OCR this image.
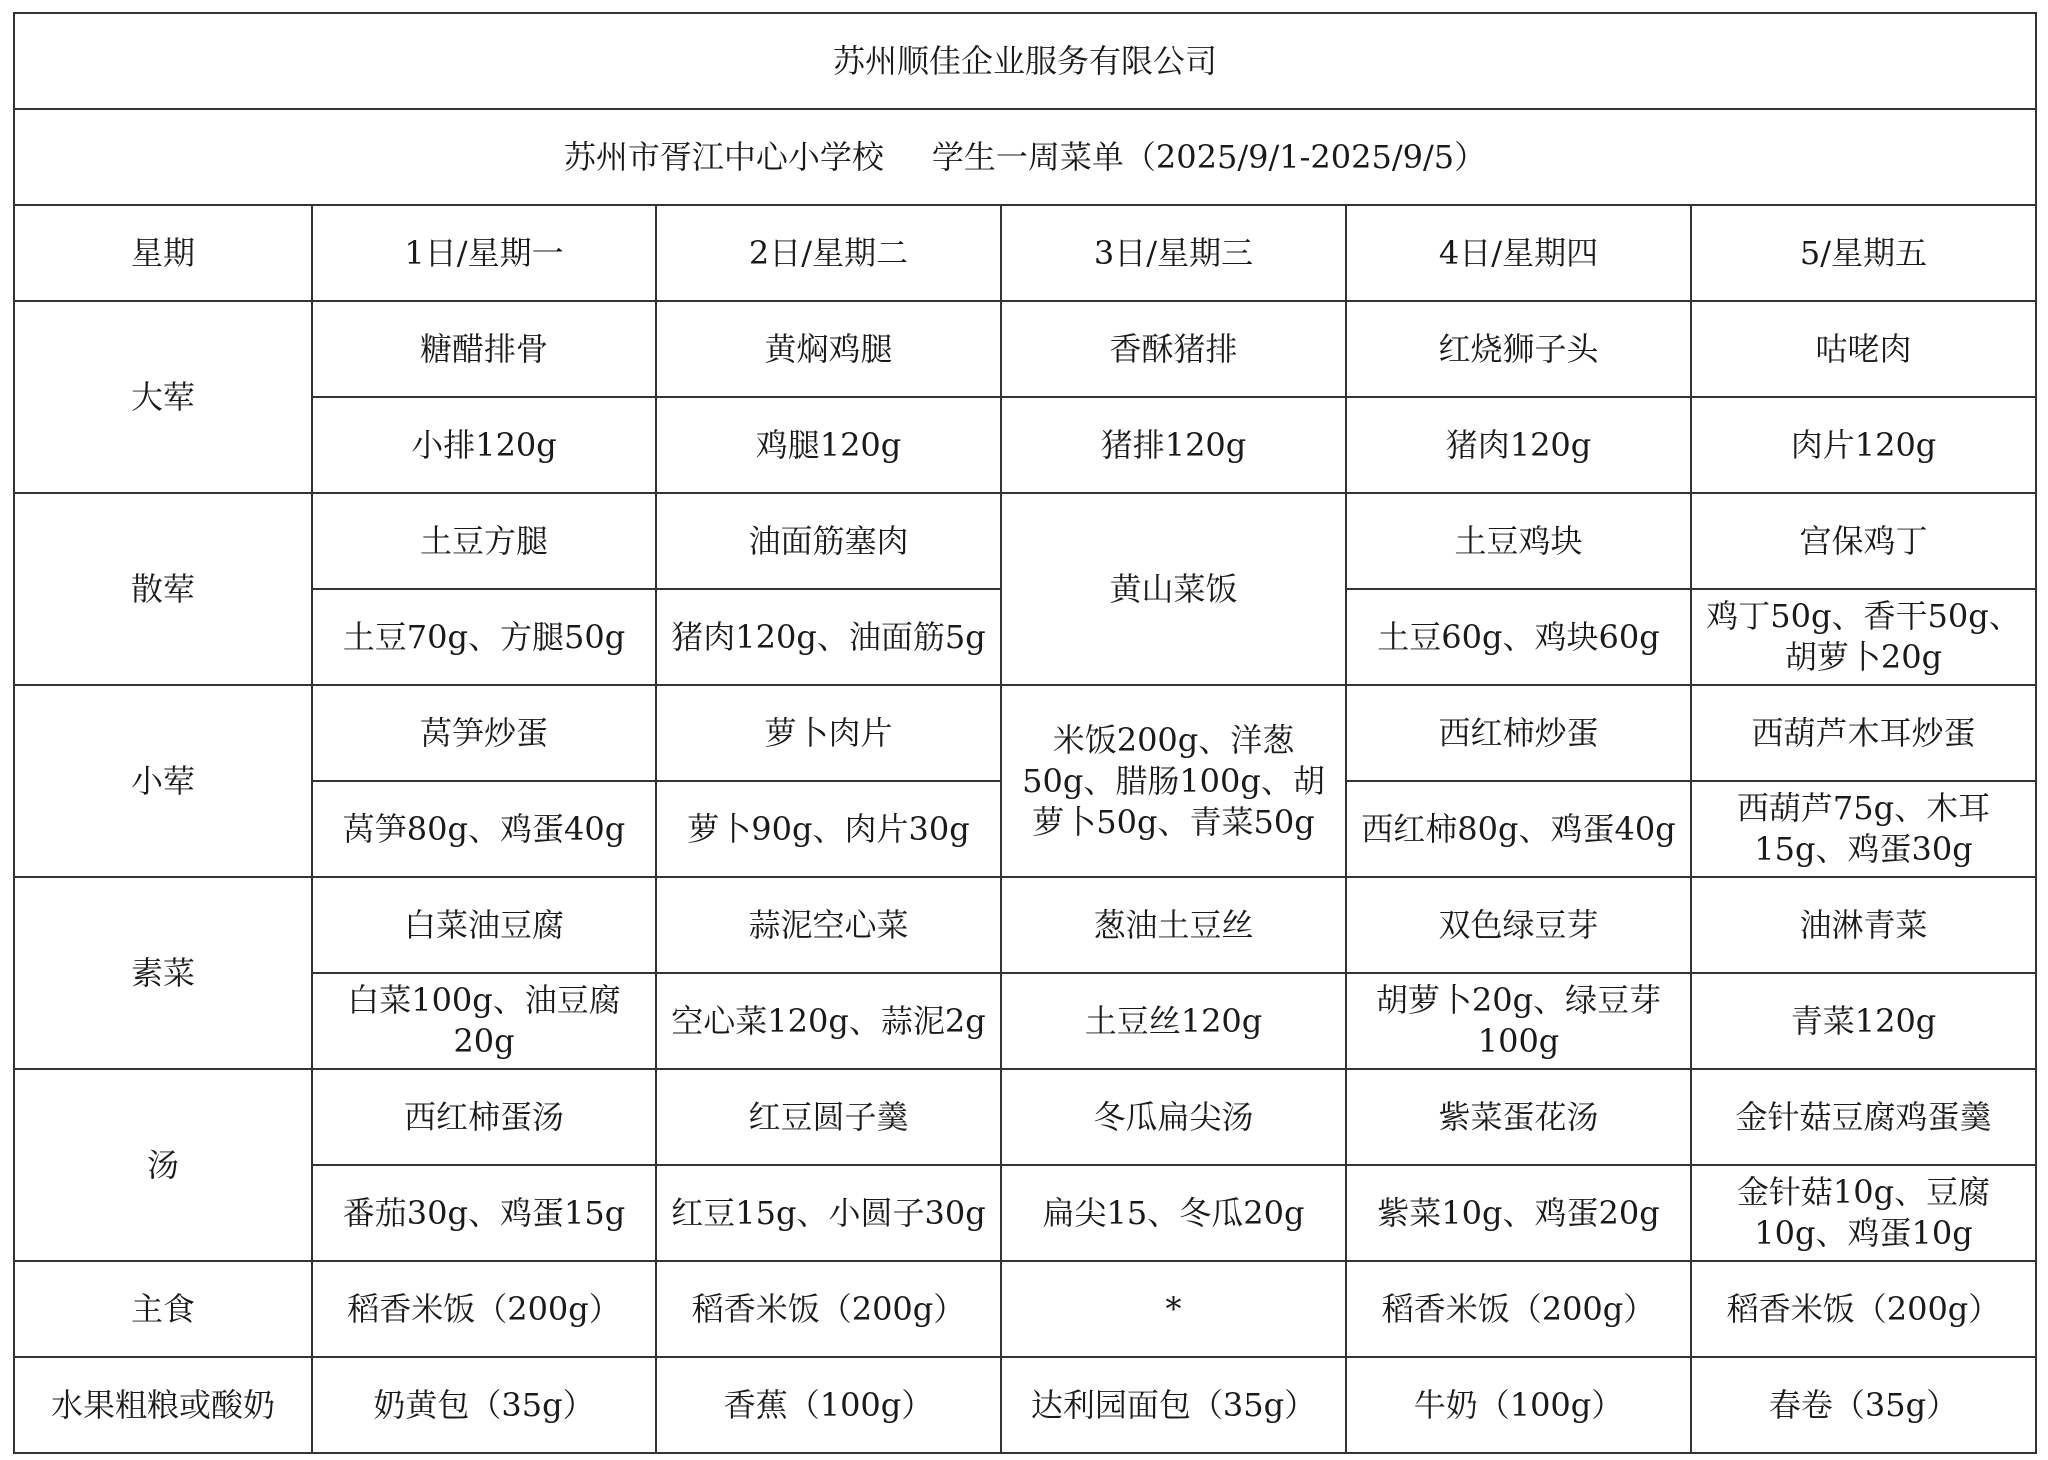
苏州顺佳企业服务有限公司					
苏州市胥江中心小学校 学生一周菜单（2025/9/1-2025/9/5）					
星期	1日/星期一	2日/星期二	3日/星期三	4日/星期四	5/星期五
大荤	糖醋排骨	黄焖鸡腿	香酥猪排	红烧狮子头	咕咾肉
	小排120g	鸡腿120g	猪排120g	猪肉120g	肉片120g
散荤	土豆方腿	油面筋塞肉	黄山菜饭	土豆鸡块	宫保鸡丁
	土豆70g、方腿50g	猪肉120g、油面筋5g		土豆60g、鸡块60g	鸡丁50g、香干50g、胡萝卜20g
小荤	莴笋炒蛋	萝卜肉片	米饭200g、洋葱50g、腊肠100g、胡萝卜50g、青菜50g	西红柿炒蛋	西葫芦木耳炒蛋
	莴笋80g、鸡蛋40g	萝卜90g、肉片30g		西红柿80g、鸡蛋40g	西葫芦75g、木耳15g、鸡蛋30g
素菜	白菜油豆腐	蒜泥空心菜	葱油土豆丝	双色绿豆芽	油淋青菜
	白菜100g、油豆腐20g	空心菜120g、蒜泥2g	土豆丝120g	胡萝卜20g、绿豆芽100g	青菜120g
汤	西红柿蛋汤	红豆圆子羹	冬瓜扁尖汤	紫菜蛋花汤	金针菇豆腐鸡蛋羹
	番茄30g、鸡蛋15g	红豆15g、小圆子30g	扁尖15、冬瓜20g	紫菜10g、鸡蛋20g	金针菇10g、豆腐10g、鸡蛋10g
主食	稻香米饭（200g）	稻香米饭（200g）	*	稻香米饭（200g）	稻香米饭（200g）
水果粗粮或酸奶	奶黄包（35g）	香蕉（100g）	达利园面包（35g）	牛奶（100g）	春卷（35g）
